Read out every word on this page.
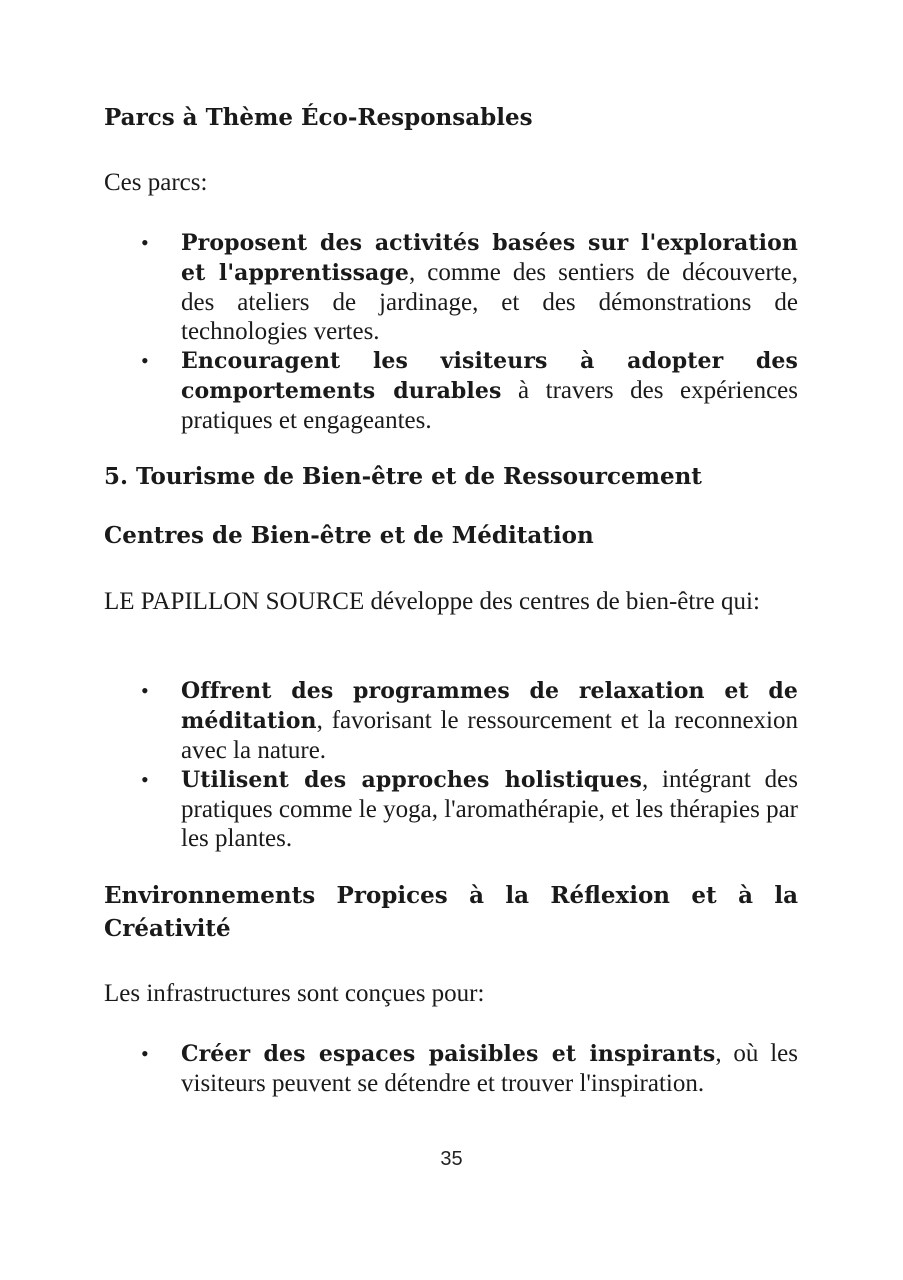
Parcs à Thème Éco-Responsables

Ces parcs:

• Proposent des activités basées sur l'exploration et l'apprentissage, comme des sentiers de découverte, des ateliers de jardinage, et des démonstrations de technologies vertes.
• Encouragent les visiteurs à adopter des comportements durables à travers des expériences pratiques et engageantes.
5. Tourisme de Bien-être et de Ressourcement
Centres de Bien-être et de Méditation

LE PAPILLON SOURCE développe des centres de bien-être qui:

• Offrent des programmes de relaxation et de méditation, favorisant le ressourcement et la reconnexion avec la nature.
• Utilisent des approches holistiques, intégrant des pratiques comme le yoga, l'aromathérapie, et les thérapies par les plantes.
Environnements Propices à la Réflexion et à la Créativité

Les infrastructures sont conçues pour:

• Créer des espaces paisibles et inspirants, où les visiteurs peuvent se détendre et trouver l'inspiration.
35
